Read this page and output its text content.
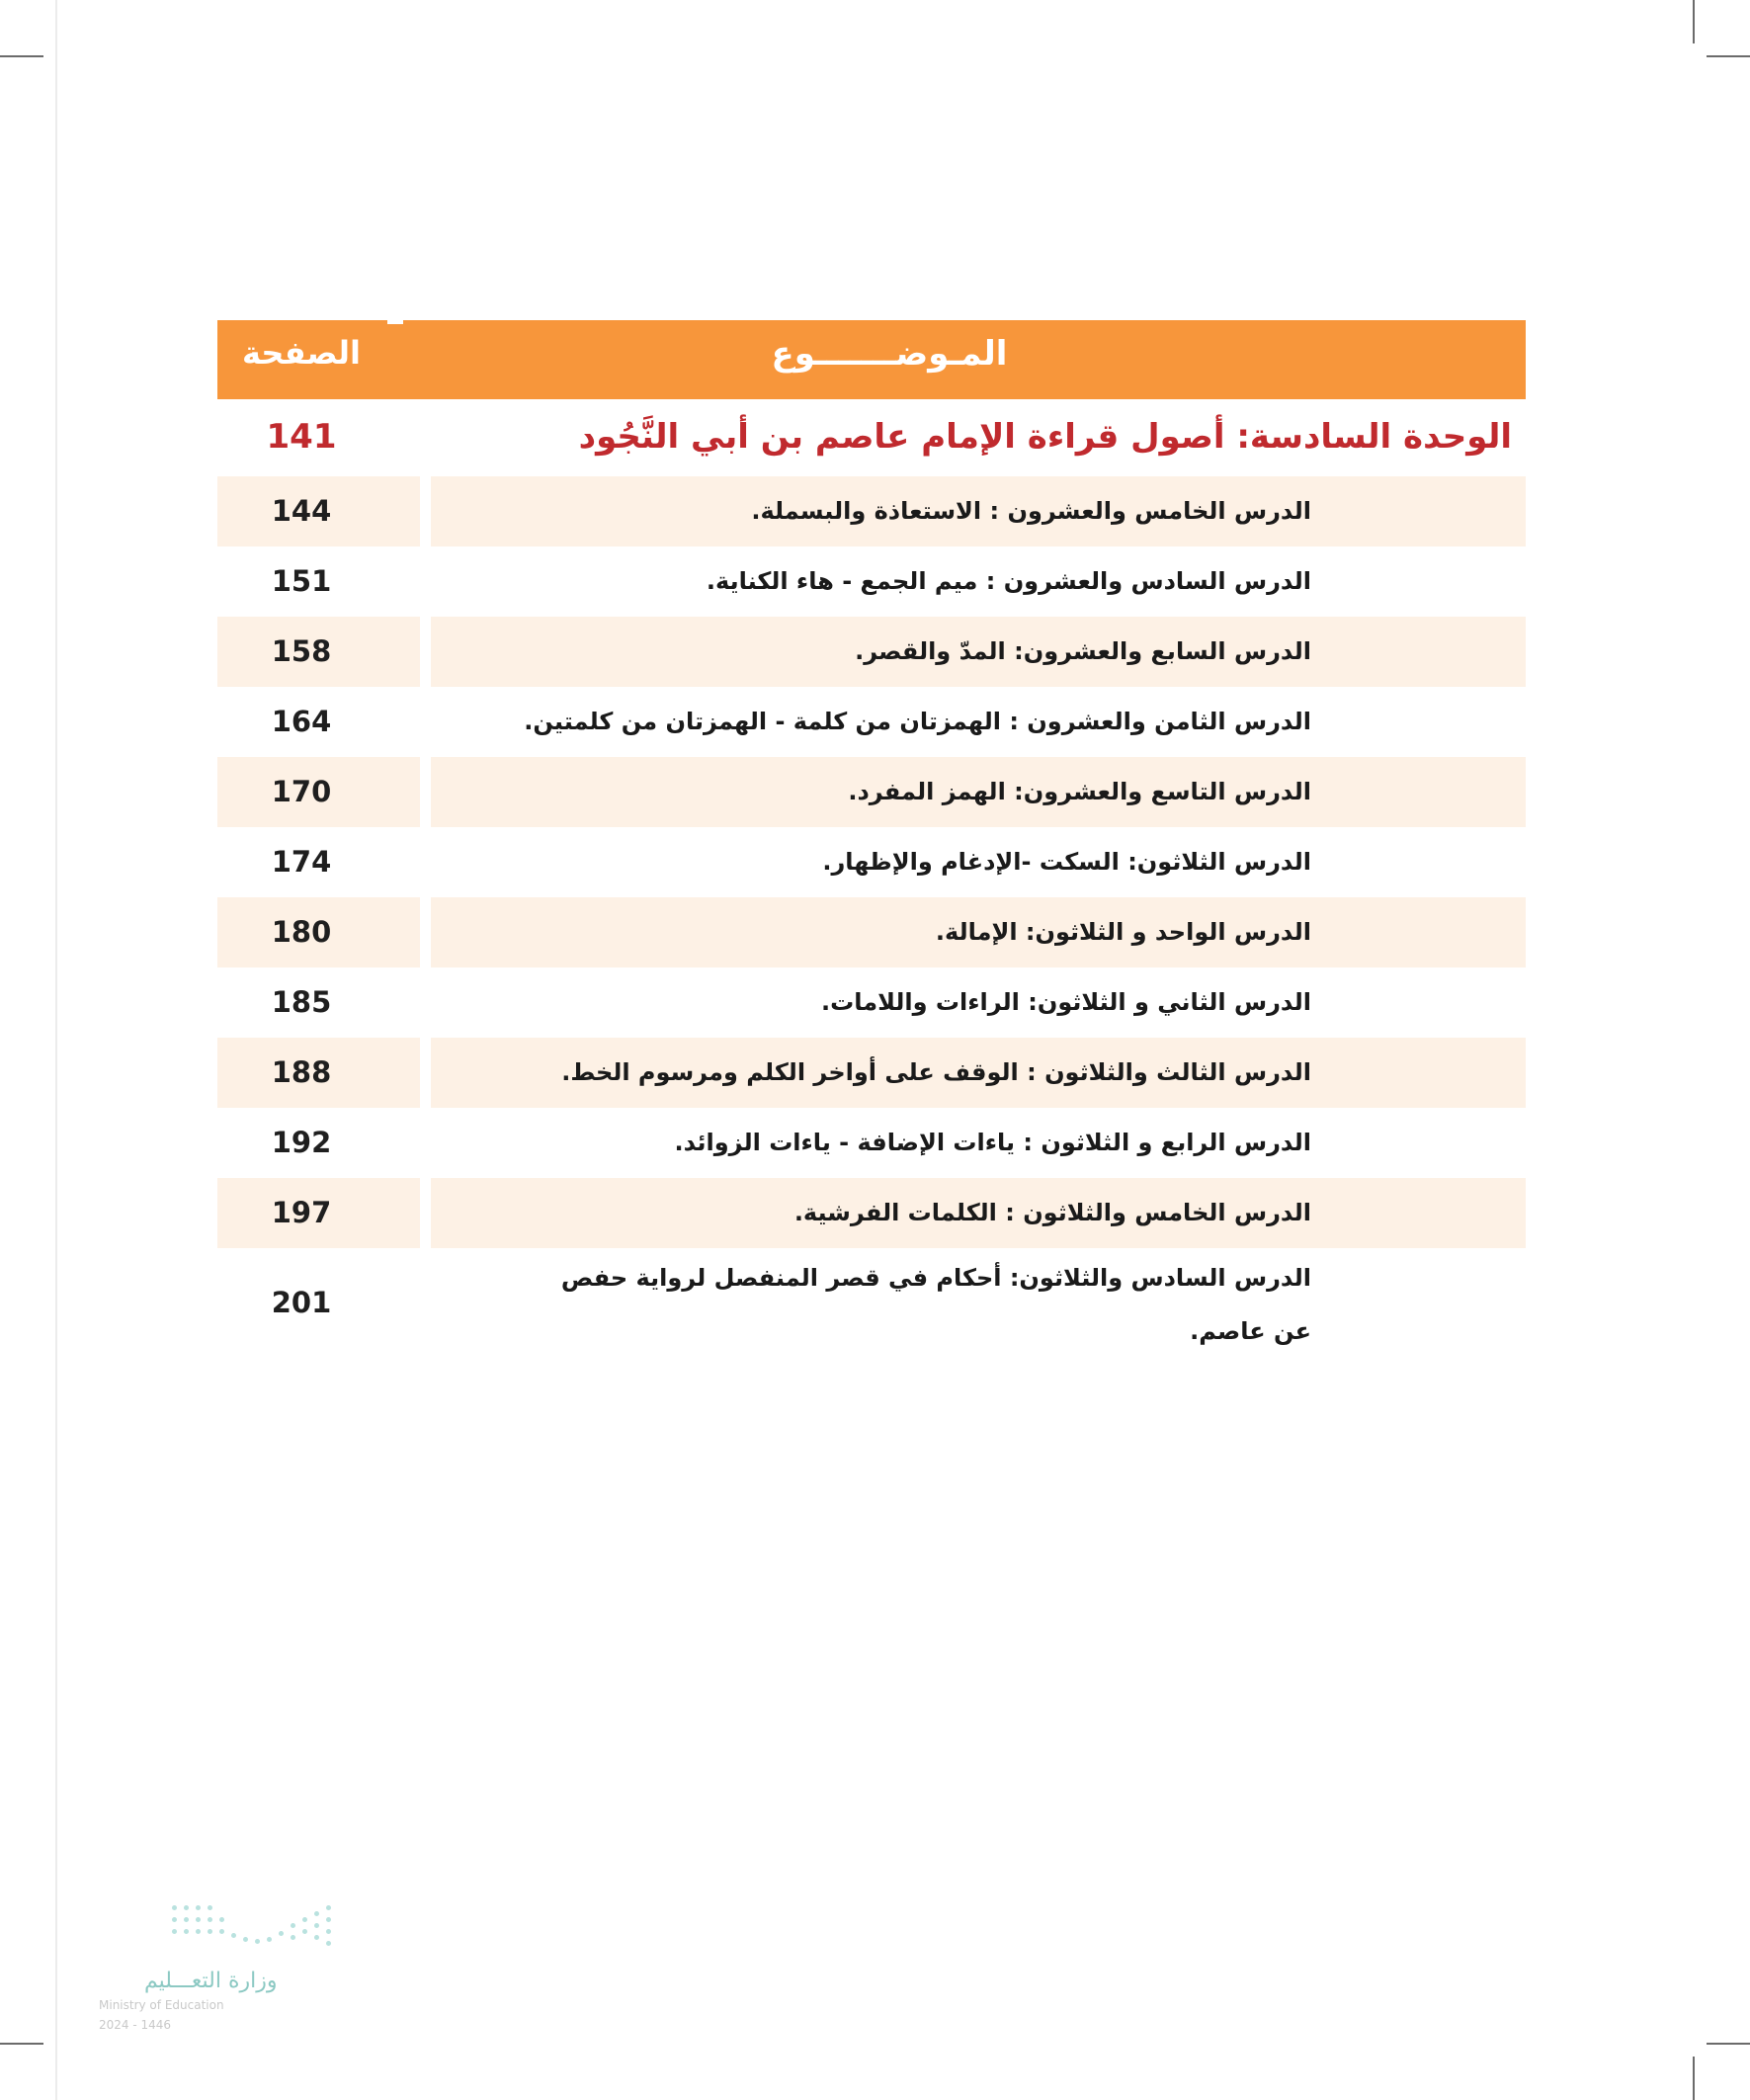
المـوضـــــــوع
الصفحة
الوحدة السادسة: أصول قراءة الإمام عاصم بن أبي النَّجُود
141
الدرس الخامس والعشرون : الاستعاذة والبسملة.
144
الدرس السادس والعشرون : ميم الجمع - هاء الكناية.
151
الدرس السابع والعشرون: المدّ والقصر.
158
الدرس الثامن والعشرون : الهمزتان من كلمة - الهمزتان من كلمتين.
164
الدرس التاسع والعشرون: الهمز المفرد.
170
الدرس الثلاثون: السكت -الإدغام والإظهار.
174
الدرس الواحد و الثلاثون: الإمالة.
180
الدرس الثاني و الثلاثون: الراءات واللامات.
185
الدرس الثالث والثلاثون : الوقف على أواخر الكلم ومرسوم الخط.
188
الدرس الرابع و الثلاثون : ياءات الإضافة - ياءات الزوائد.
192
الدرس الخامس والثلاثون : الكلمات الفرشية.
197
الدرس السادس والثلاثون: أحكام في قصر المنفصل لرواية حفص عن عاصم.
201
وزارة التعـــليم
Ministry of Education
2024 - 1446
